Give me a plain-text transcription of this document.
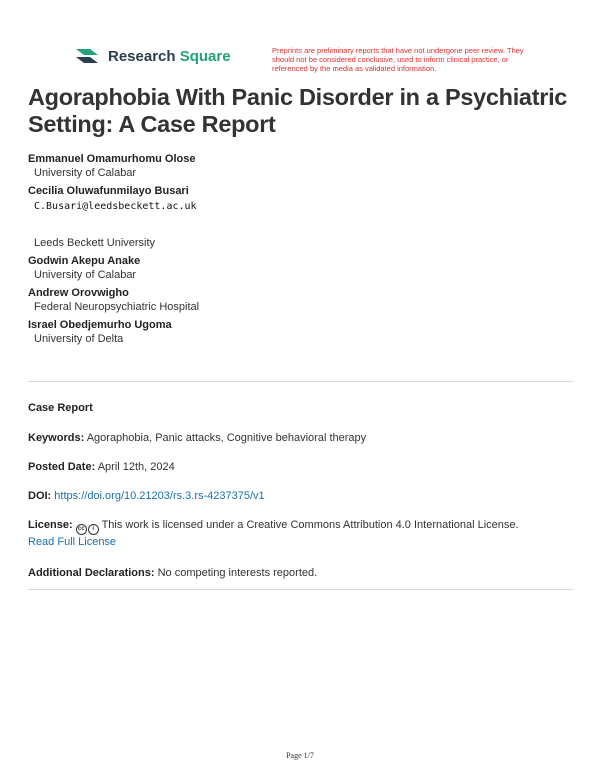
Research Square	Preprints are preliminary reports that have not undergone peer review. They should not be considered conclusive, used to inform clinical practice, or referenced by the media as validated information.
Agoraphobia With Panic Disorder in a Psychiatric Setting: A Case Report
Emmanuel Omamurhomu Olose
University of Calabar
Cecilia Oluwafunmilayo Busari
C.Busari@leedsbeckett.ac.uk
Leeds Beckett University
Godwin Akepu Anake
University of Calabar
Andrew Orovwigho
Federal Neuropsychiatric Hospital
Israel Obedjemurho Ugoma
University of Delta
Case Report
Keywords: Agoraphobia, Panic attacks, Cognitive behavioral therapy
Posted Date: April 12th, 2024
DOI: https://doi.org/10.21203/rs.3.rs-4237375/v1
License: cc	i This work is licensed under a Creative Commons Attribution 4.0 International License.
Read Full License
Additional Declarations: No competing interests reported.
Page 1/7
